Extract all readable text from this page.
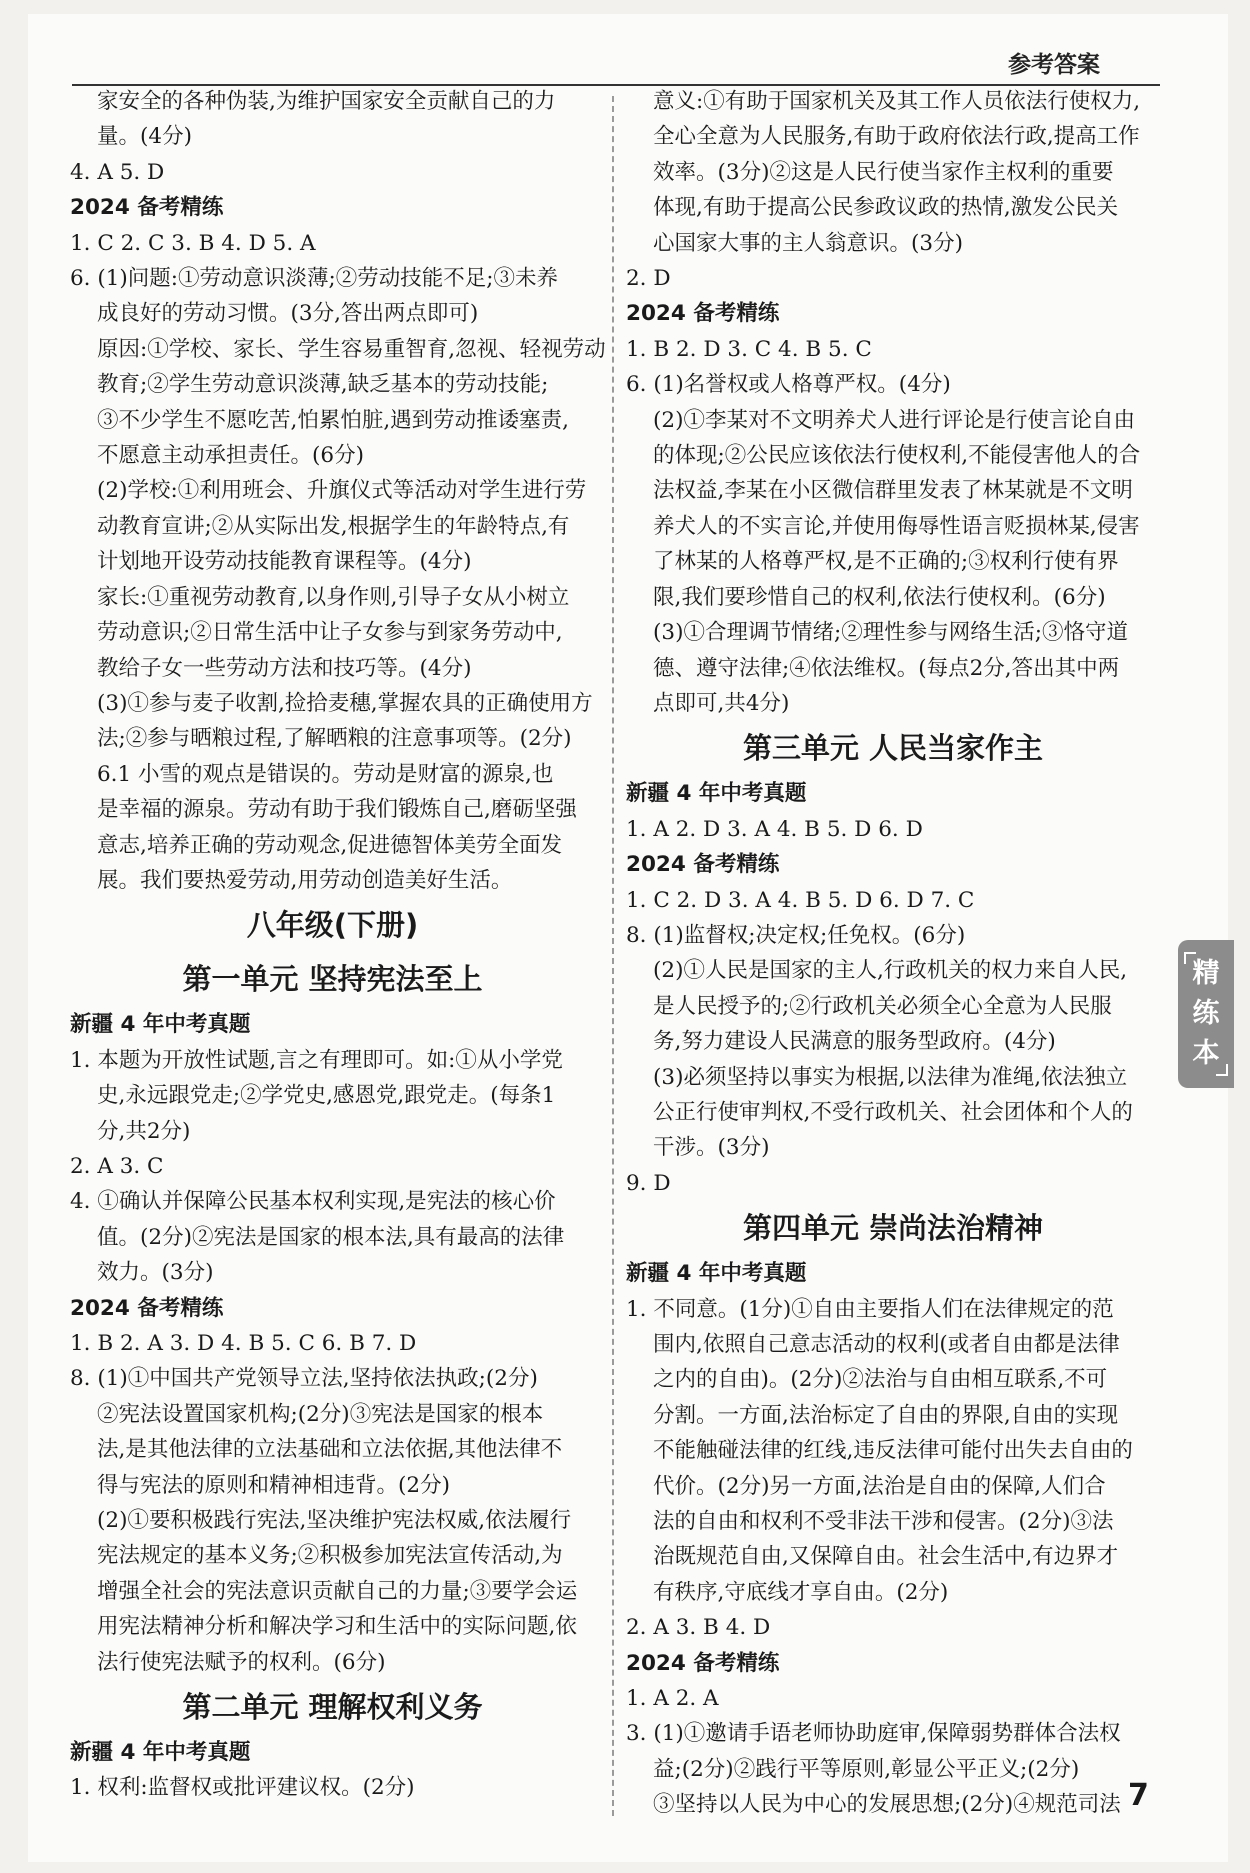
参考答案
家安全的各种伪装,为维护国家安全贡献自己的力
量。(4分)
4. A 5. D
2024 备考精练
1. C 2. C 3. B 4. D 5. A
6. (1)问题:①劳动意识淡薄;②劳动技能不足;③未养
成良好的劳动习惯。(3分,答出两点即可)
原因:①学校、家长、学生容易重智育,忽视、轻视劳动
教育;②学生劳动意识淡薄,缺乏基本的劳动技能;
③不少学生不愿吃苦,怕累怕脏,遇到劳动推诿塞责,
不愿意主动承担责任。(6分)
(2)学校:①利用班会、升旗仪式等活动对学生进行劳
动教育宣讲;②从实际出发,根据学生的年龄特点,有
计划地开设劳动技能教育课程等。(4分)
家长:①重视劳动教育,以身作则,引导子女从小树立
劳动意识;②日常生活中让子女参与到家务劳动中,
教给子女一些劳动方法和技巧等。(4分)
(3)①参与麦子收割,捡拾麦穗,掌握农具的正确使用方
法;②参与晒粮过程,了解晒粮的注意事项等。(2分)
6.1 小雪的观点是错误的。劳动是财富的源泉,也
是幸福的源泉。劳动有助于我们锻炼自己,磨砺坚强
意志,培养正确的劳动观念,促进德智体美劳全面发
展。我们要热爱劳动,用劳动创造美好生活。
八年级(下册)
第一单元 坚持宪法至上
新疆 4 年中考真题
1. 本题为开放性试题,言之有理即可。如:①从小学党
史,永远跟党走;②学党史,感恩党,跟党走。(每条1
分,共2分)
2. A 3. C
4. ①确认并保障公民基本权利实现,是宪法的核心价
值。(2分)②宪法是国家的根本法,具有最高的法律
效力。(3分)
2024 备考精练
1. B 2. A 3. D 4. B 5. C 6. B 7. D
8. (1)①中国共产党领导立法,坚持依法执政;(2分)
②宪法设置国家机构;(2分)③宪法是国家的根本
法,是其他法律的立法基础和立法依据,其他法律不
得与宪法的原则和精神相违背。(2分)
(2)①要积极践行宪法,坚决维护宪法权威,依法履行
宪法规定的基本义务;②积极参加宪法宣传活动,为
增强全社会的宪法意识贡献自己的力量;③要学会运
用宪法精神分析和解决学习和生活中的实际问题,依
法行使宪法赋予的权利。(6分)
第二单元 理解权利义务
新疆 4 年中考真题
1. 权利:监督权或批评建议权。(2分)
意义:①有助于国家机关及其工作人员依法行使权力,
全心全意为人民服务,有助于政府依法行政,提高工作
效率。(3分)②这是人民行使当家作主权利的重要
体现,有助于提高公民参政议政的热情,激发公民关
心国家大事的主人翁意识。(3分)
2. D
2024 备考精练
1. B 2. D 3. C 4. B 5. C
6. (1)名誉权或人格尊严权。(4分)
(2)①李某对不文明养犬人进行评论是行使言论自由
的体现;②公民应该依法行使权利,不能侵害他人的合
法权益,李某在小区微信群里发表了林某就是不文明
养犬人的不实言论,并使用侮辱性语言贬损林某,侵害
了林某的人格尊严权,是不正确的;③权利行使有界
限,我们要珍惜自己的权利,依法行使权利。(6分)
(3)①合理调节情绪;②理性参与网络生活;③恪守道
德、遵守法律;④依法维权。(每点2分,答出其中两
点即可,共4分)
第三单元 人民当家作主
新疆 4 年中考真题
1. A 2. D 3. A 4. B 5. D 6. D
2024 备考精练
1. C 2. D 3. A 4. B 5. D 6. D 7. C
8. (1)监督权;决定权;任免权。(6分)
(2)①人民是国家的主人,行政机关的权力来自人民,
是人民授予的;②行政机关必须全心全意为人民服
务,努力建设人民满意的服务型政府。(4分)
(3)必须坚持以事实为根据,以法律为准绳,依法独立
公正行使审判权,不受行政机关、社会团体和个人的
干涉。(3分)
9. D
第四单元 崇尚法治精神
新疆 4 年中考真题
1. 不同意。(1分)①自由主要指人们在法律规定的范
围内,依照自己意志活动的权利(或者自由都是法律
之内的自由)。(2分)②法治与自由相互联系,不可
分割。一方面,法治标定了自由的界限,自由的实现
不能触碰法律的红线,违反法律可能付出失去自由的
代价。(2分)另一方面,法治是自由的保障,人们合
法的自由和权利不受非法干涉和侵害。(2分)③法
治既规范自由,又保障自由。社会生活中,有边界才
有秩序,守底线才享自由。(2分)
2. A 3. B 4. D
2024 备考精练
1. A 2. A
3. (1)①邀请手语老师协助庭审,保障弱势群体合法权
益;(2分)②践行平等原则,彰显公平正义;(2分)
③坚持以人民为中心的发展思想;(2分)④规范司法
精
练
本
7
